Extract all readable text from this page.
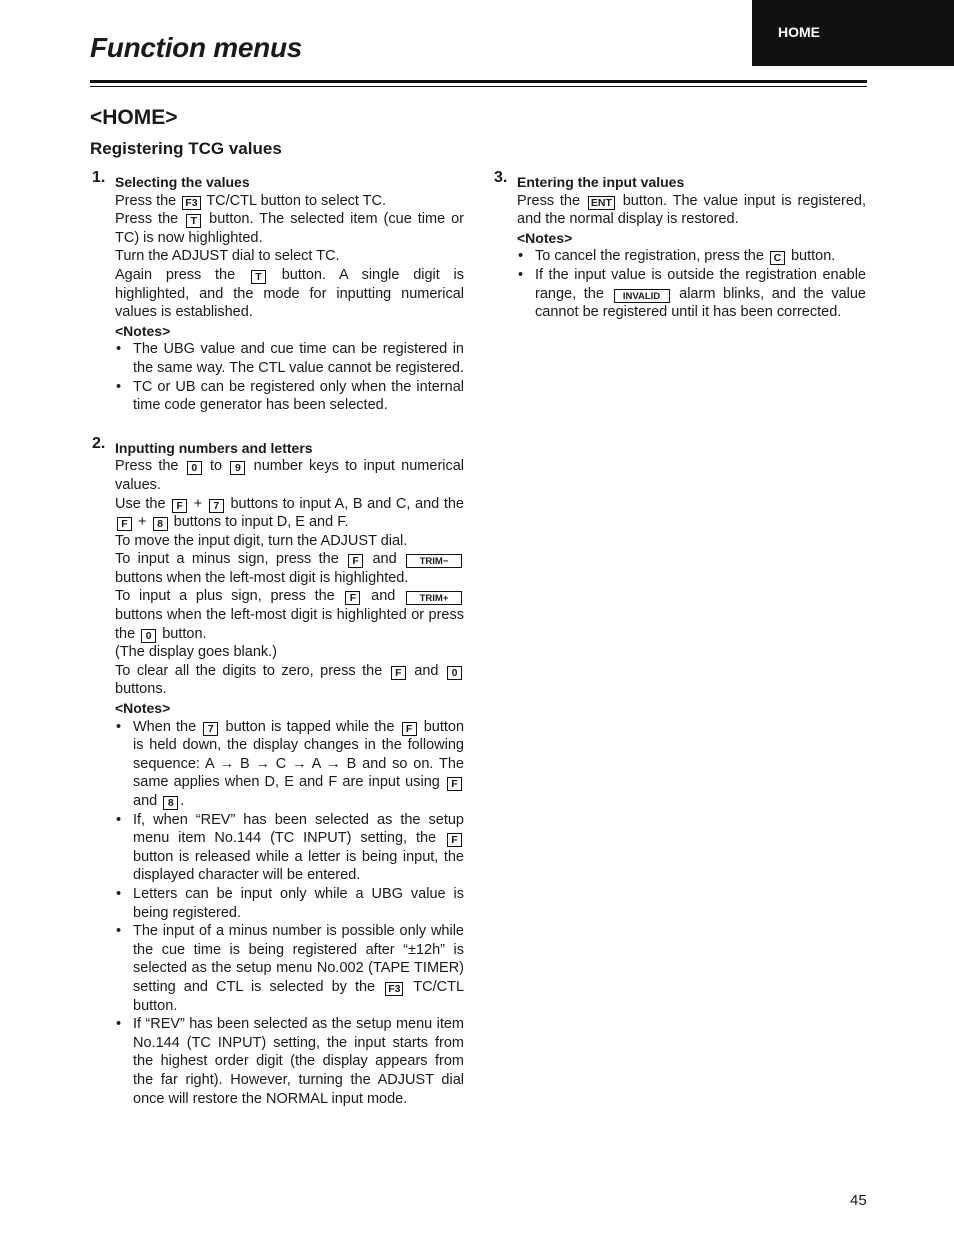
HOME
Function menus
<HOME>
Registering TCG values
1. Selecting the values

Press the F3 TC/CTL button to select TC.

Press the T button. The selected item (cue time or TC) is now highlighted.

Turn the ADJUST dial to select TC.

Again press the T button. A single digit is highlighted, and the mode for inputting numerical values is established.

<Notes>
• The UBG value and cue time can be registered in the same way. The CTL value cannot be registered.
• TC or UB can be registered only when the internal time code generator has been selected.
2. Inputting numbers and letters

Press the 0 to 9 number keys to input numerical values.

Use the F + 7 buttons to input A, B and C, and the F + 8 buttons to input D, E and F.

To move the input digit, turn the ADJUST dial.

To input a minus sign, press the F and TRIM− buttons when the left-most digit is highlighted.

To input a plus sign, press the F and	TRIM+ buttons when the left-most digit is highlighted or press the 0 button.

(The display goes blank.)

To clear all the digits to zero, press the F and 0 buttons.

<Notes>
• When the 7 button is tapped while the F button is held down, the display changes in the following sequence: A → B → C → A → B and so on. The same applies when D, E and F are input using F and 8 .
• If, when “REV” has been selected as the setup menu item No.144 (TC INPUT) setting, the F button is released while a letter is being input, the displayed character will be entered.
• Letters can be input only while a UBG value is being registered.
• The input of a minus number is possible only while the cue time is being registered after “±12h” is selected as the setup menu No.002 (TAPE TIMER) setting and CTL is selected by the F3 TC/CTL button.
• If “REV” has been selected as the setup menu item No.144 (TC INPUT) setting, the input starts from the highest order digit (the display appears from the far right). However, turning the ADJUST dial once will restore the NORMAL input mode.
3. Entering the input values

Press the ENT button. The value input is registered, and the normal display is restored.

<Notes>
• To cancel the registration, press the C button.
• If the input value is outside the registration enable range, the INVALID alarm blinks, and the value cannot be registered until it has been corrected.
45
